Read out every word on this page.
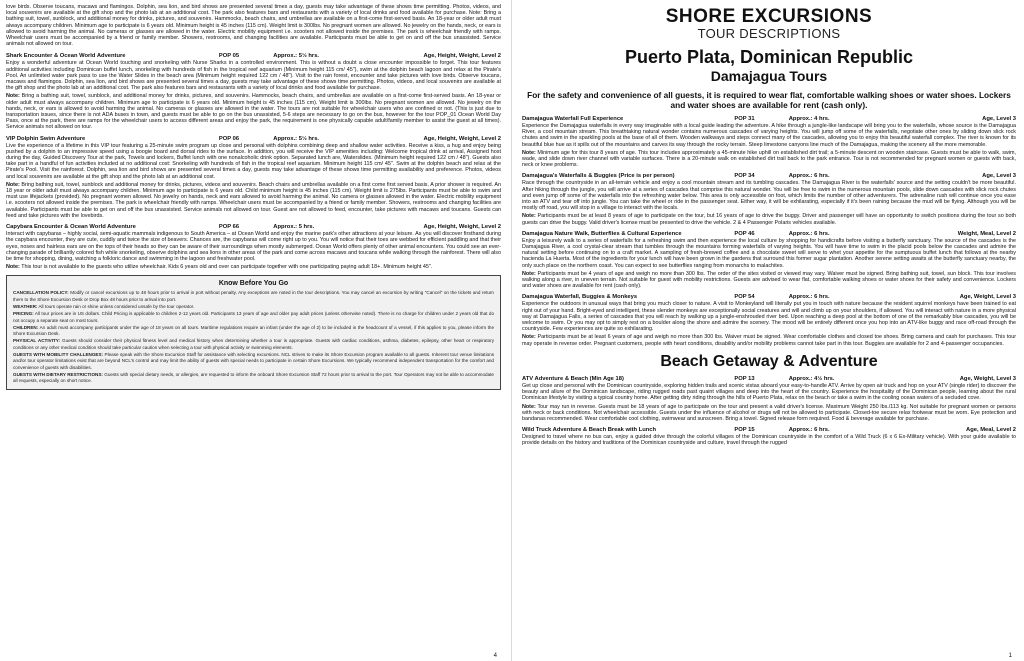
love birds. Observe toucans, macaws and flamingos. Dolphin, sea lion, and bird shows are presented several times a day, guests may take advantage of these shows time permitting. Photos, videos, and local souvenirs are available at the gift shop and the photo lab at an additional cost. The park also features bars and restaurants with a variety of local drinks and food available for purchase. Note: Bring a bathing suit, towel, sunblock, and additional money for drinks, pictures, and souvenirs. Hammocks, beach chairs, and umbrellas are available on a first-come first-served basis. An 18-year or older adult must always accompany children. Minimum age to participate is 6 years old. Minimum height is 45 inches (115 cm). Weight limit is 300lbs. No pregnant women are allowed. No jewelry on the hands, neck, or ears is allowed to avoid harming the animal. No cameras or glasses are allowed in the water. Electric mobility equipment i.e. scooters not allowed inside the premises. The park is wheelchair friendly with ramps. Wheelchair users must be accompanied by a friend or family member. Showers, restrooms, and changing facilities are available. Participants must be able to get on and off the bus unassisted. Service animals not allowed on tour.

Shark Encounter & Ocean World Adventure	POP 05	Approx.: 5½ hrs.	Age, Height, Weight, Level 2

Enjoy a wonderful adventure at Ocean World touching and snorkeling with Nurse Sharks in a controlled environment. This is without a doubt a close encounter impossible to forget. This tour features additional activities including Dominican buffet lunch, snorkeling with hundreds of fish in the tropical reef aquarium (Minimum height 115 cm/ 45"), swim at the dolphin beach lagoon and relax at the Pirate's Pool. An unlimited water park pass to use the Water Slides in the beach area (Minimum height required 122 cm / 48"). Visit to the rain forest, encounter and take pictures with love birds. Observe toucans, macaws and flamingos. Dolphin, sea lion, and bird shows are presented several times a day, guests may take advantage of these shows time permitting. Photos, videos, and local souvenirs are available at the gift shop and the photo lab at an additional cost. The park also features bars and restaurants with a variety of local drinks and food available for purchase.

Note: Bring a bathing suit, towel, sunblock, and additional money for drinks, pictures, and souvenirs. Hammocks, beach chairs, and umbrellas are available on a first-come first-served basis. An 18-year or older adult must always accompany children. Minimum age to participate is 6 years old. Minimum height is 45 inches (115 cm). Weight limit is 300lbs. No pregnant women are allowed. No jewelry on the hands, neck, or ears is allowed to avoid harming the animal. No cameras or glasses are allowed in the water. The tours are not suitable for wheelchair users who are confined or not. (This is just due to transportation issues, since there is not ADA buses in town, and guests must be able to go on the bus unassisted, 5-6 steps are necessary to go on the bus, however for the tour POP_01 Ocean World Day Pass, once at the park, there are ramps for the wheelchair users to access different areas and enjoy the park, the requirement is one physically capable adult/family member to assist the guest at all times). Service animals not allowed on tour.

VIP Dolphin Swim Adventure	POP 06	Approx.: 5½ hrs.	Age, Height, Weight, Level 2

Live the experience of a lifetime in this VIP tour featuring a 25-minute swim program up close and personal with dolphins combining deep and shallow water activities. Receive a kiss, a hug and enjoy being pushed by a dolphin to an impressive speed using a boogie board and dorsal rides to the surface. In addition, you will receive the VIP amenities including: Welcome tropical drink at arrival, Assigned host during the day, Guided Discovery Tour at the park, Towels and lockers, Buffet lunch with one nonalcoholic drink option. Separated lunch are, Waterslides. (Minimum height required 122 cm / 48"). Guests also take part in a handful of fun activities included at no additional cost: Snorkeling with hundreds of fish in the tropical reef aquarium. Minimum height 115 cm/ 45". Swim at the dolphin beach and relax at the Pirate's Pool. Visit the rainforest. Dolphin, sea lion and bird shows are presented several times a day, guests may take advantage of these shows time permitting availability and preference. Photos, videos and local souvenirs are available at the gift shop and the photo lab at an additional cost.

Note: Bring bathing suit, towel, sunblock and additional money for drinks, pictures, videos and souvenirs. Beach chairs and umbrellas available on a first come first served basis. A prior shower is required. An 18 year or older adult must always accompany children. Minimum age to participate is 6 years old. Child minimum height is 45 inches (115 cm). Weight limit is 275lbs. Participants must be able to swim and must use lifejackets (provided). No pregnant women allowed. No jewelry on hands, neck and ears allowed to avoid harming the animal. No camera or glasses allowed in the water. Electric mobility equipment i.e. scooters not allowed inside the premises. The park is wheelchair friendly with ramps. Wheelchair users must be accompanied by a friend or family member. Showers, restrooms and changing facilities are available. Participants must be able to get on and off the bus unassisted. Service animals not allowed on tour. Guest are not allowed to feed, encounter, take pictures with macaws and toucans. Guests can feed and take pictures with the lovebirds.

Capybara Encounter & Ocean World Adventure	POP 66	Approx.: 5 hrs.	Age, Height, Weight, Level 2

Interact with capybaras – highly social, semi-aquatic mammals indigenous to South America – at Ocean World and enjoy the marine park's other attractions at your leisure. As you will discover firsthand during the capybara encounter, they are cute, cuddly and twice the size of beavers. Chances are, the capybaras will come right up to you. You will notice that their toes are webbed for efficient paddling and that their eyes, noses and hairless ears are on the tops of their heads so they can be aware of their surroundings when mostly submerged. Ocean World offers plenty of other animal encounters. You could see an ever-changing parade of brilliantly colored fish while snorkeling, observe dolphins and sea lions in other areas of the park and come across macaws and toucans while walking through the rainforest. There will also be time for shopping, dining, watching a folkloric dance and swimming in the lagoon and freshwater pool.

Note: This tour is not available to the guests who utilize wheelchair. Kids 6 years old and over can participate together with one participating paying adult 18+. Minimum height 45".

Know Before You Go

CANCELLATION POLICY: Modify or cancel excursions up to 48 hours prior to arrival in port without penalty. Any exceptions are noted in the tour descriptions. You may cancel an excursion by writing "Cancel" on the tickets and return them to the Shore Excursion Desk or Drop Box 48 hours prior to arrival into port.

WEATHER: All tours operate rain or shine unless considered unsafe by the tour operator.

PRICING: All tour prices are in US dollars. Child Pricing is applicable to children 2-12 years old. Participants 13 years of age and older pay adult prices (unless otherwise noted). There is no charge for children under 2 years old that do not occupy a separate seat on most tours.

CHILDREN: An adult must accompany participants under the age of 18 years on all tours. Maritime regulations require an infant (under the age of 2) to be included in the headcount of a vessel, if this applies to you, please inform the Shore Excursion Desk.

PHYSICAL ACTIVITY: Guests should consider their physical fitness level and medical history when determining whether a tour is appropriate. Guests with cardiac conditions, asthma, diabetes, epilepsy, other heart or respiratory conditions or any other medical condition should take particular caution when selecting a tour with physical activity or swimming elements.

GUESTS WITH MOBILITY CHALLENGES: Please speak with the Shore Excursion Staff for assistance with selecting excursions. NCL strives to make its Shore Excursion program available to all guests. Inherent tour venue limitations and/or tour operator limitations exist that are beyond NCL's control and may limit the ability of guests with special needs to participate in certain Shore Excursions. We typically recommend independent transportation for the comfort and convenience of guests with disabilities.

GUESTS WITH DIETARY RESTRICTIONS: Guests with special dietary needs, or allergies, are requested to inform the onboard Shore Excursion Staff 72 hours prior to arrival to the port. Tour Operators may not be able to accommodate all requests, especially on short notice.

4
SHORE EXCURSIONS
TOUR DESCRIPTIONS
Puerto Plata, Dominican Republic
Damajagua Tours
For the safety and convenience of all guests, it is required to wear flat, comfortable walking shoes or water shoes. Lockers and water shoes are available for rent (cash only).
Damajagua Waterfall Full Experience	POP 31	Approx.: 4 hrs.	Age, Level 3

Experience the Damajagua waterfalls in every way imaginable with a local guide leading the adventure. A hike through a jungle-like landscape will bring you to the waterfalls, whose source is the Damajagua River, a cool mountain stream. This breathtaking natural wonder contains numerous cascades of varying heights. You will jump off some of the waterfalls, negotiate other ones by sliding down slick rock chutes and swim in the sparkling pools at the base of all of them. Wooden walkways and steps connect many of the cascades, allowing you to enjoy this beautiful waterfall complex. The river is known for its beautiful blue hue as it spills out of the mountains and carves its way through the rocky terrain. Steep limestone canyons line much of the Damajagua, making the scenery all the more memorable.

Note: Minimum age for this tour 8 years of age. This tour includes approximately a 45-minute hike uphill on established dirt trail; a 5-minute descent on wooden staircase. Guests must be able to walk, swim, wade, and slide down river channel with variable surfaces. There is a 20-minute walk on established dirt trail back to the park entrance. Tour is not recommended for pregnant women or guests with back, neck or knee problems.

Damajagua's Waterfalls & Buggies (Price is per person)	POP 34	Approx.: 6 hrs.	Age, Level 3

Race through the countryside in an all-terrain vehicle and enjoy a cool mountain stream and its tumbling cascades. The Damajagua River is the waterfalls' source and the setting couldn't be more beautiful. After hiking through the jungle, you will arrive at a series of cascades that comprise this natural wonder. You will be free to swim in the numerous mountain pools, slide down cascades with slick rock chutes and even jump off some of the waterfalls into the refreshing water below. This area is only accessible on foot, which limits the number of other adventurers. The adrenaline rush will continue once you ease into an ATV and tear off into jungle. You can take the wheel or ride in the passenger seat. Either way, it will be exhilarating, especially if it's been raining because the mud will be flying. Although you will be mostly off road, you will stop in a village to interact with the locals.

Note: Participants must be at least 8 years of age to participate on the tour, but 16 years of age to drive the buggy. Driver and passenger will have an opportunity to switch positions during the tour so both guests can drive the buggy. Valid driver's license must be presented to drive the vehicle. 2 & 4 Passenger Polaris vehicles available.

Damajagua Nature Walk, Butterflies & Cultural Experience	POP 46	Approx.: 6 hrs.	Weight, Meal, Level 2

Enjoy a leisurely walk to a series of waterfalls for a refreshing swim and then experience the local culture by shopping for handicrafts before visiting a butterfly sanctuary. The source of the cascades is the Damajagua River, a cool crystal-clear stream that tumbles through the mountains forming waterfalls of varying heights. You will have time to swim in the placid pools below the cascades and admire the natural setting before continuing on to a craft market. A sampling of fresh-brewed coffee and a chocolate sweet will serve to whet your appetite for the sumptuous buffet lunch that follows at the nearby hacienda La Huerta. Most of the ingredients for your lunch will have been grown in the gardens that surround this former sugar plantation. Another serene setting awaits at the butterfly sanctuary nearby, the only such place on the northern coast. You can expect to see butterflies ranging from monarchs to malachites.

Note: Participants must be 4 years of age and weigh no more than 300 lbs. The order of the sites visited or viewed may vary. Waiver must be signed. Bring bathing suit, towel, sun block. This tour involves walking along a river, in uneven terrain. Not suitable for guest with mobility restrictions. Guests are advised to wear flat, comfortable walking shoes or water shoes for their safety and convenience. Lockers and water shoes are available for rent (cash only).

Damajagua Waterfall, Buggies & Monkeys	POP 54	Approx.: 6 hrs.	Age, Weight, Level 3

Experience the outdoors in unusual ways that bring you much closer to nature. A visit to Monkeyland will literally put you in touch with nature because the resident squirrel monkeys have been trained to eat right out of your hand. Bright-eyed and intelligent, these slender monkeys are exceptionally social creatures and will and climb up on your shoulders, if allowed. You will interact with nature in a more physical way at Damajagua Falls, a series of cascades that you will reach by walking up a jungle-enshrouded river bed. Upon reaching a deep pool at the bottom of one of the remarkably blue cascades, you will be welcome to swim. Or you may opt to simply rest on a boulder along the shore and admire the scenery. The mood will be entirely different once you hop into an ATV-like buggy and race off-road through the countryside. Few experiences are quite so exhilarating.

Note: Participants must be at least 6 years of age and weigh no more than 300 lbs. Waiver must be signed. Wear comfortable clothes and closed toe shoes. Bring camera and cash for purchases. This tour may operate in reverse order. Pregnant customers, people with heart conditions, disability and/or mobility problems cannot take part in this tour. Buggies are available for 2 and 4-passenger occupancies.

Beach Getaway & Adventure
ATV Adventure & Beach (Min Age 18)	POP 13	Approx.: 4½ hrs.	Age, Weight, Level 3

Get up close and personal with the Dominican countryside, exploring hidden trails and scenic vistas aboard your easy-to-handle ATV. Arrive by open air truck and hop on your ATV (single rider) to discover the beauty and allure of the Dominican landscape, riding rugged roads past quaint villages and deep into the heart of the country. Experience the hospitality of the Dominican people, learning about the rural Dominican lifestyle by visiting a typical country home. After getting dirty riding through the hills of Puerto Plata, relax on the beach or take a swim in the cooling ocean waters of a secluded cove.

Note: Tour may run in reverse. Guests must be 18 years of age to participate on the tour and present a valid driver's license. Maximum Weight 250 lbs./113 kg. Not suitable for pregnant women or persons with neck or back conditions. Not wheelchair accessible. Guests under the influence of alcohol or drugs will not be allowed to participate. Closed-toe secure relax footwear must be worn. Eye protection and bandanas recommended. Wear comfortable cool clothing, swimwear and sunscreen. Bring a towel. Signed release form required. Food & beverage available for purchase.

Wild Truck Adventure & Beach Break with Lunch	POP 15	Approx.: 6 hrs.	Age, Meal, Level 2

Designed to travel where no bus can, enjoy a guided drive through the colorful villages of the Dominican countryside in the comfort of a Wild Truck (6 x 6 Ex-Military vehicle). With your guide available to provide details on the history and traditions of the Dominican countryside and culture, travel through the rugged

1
